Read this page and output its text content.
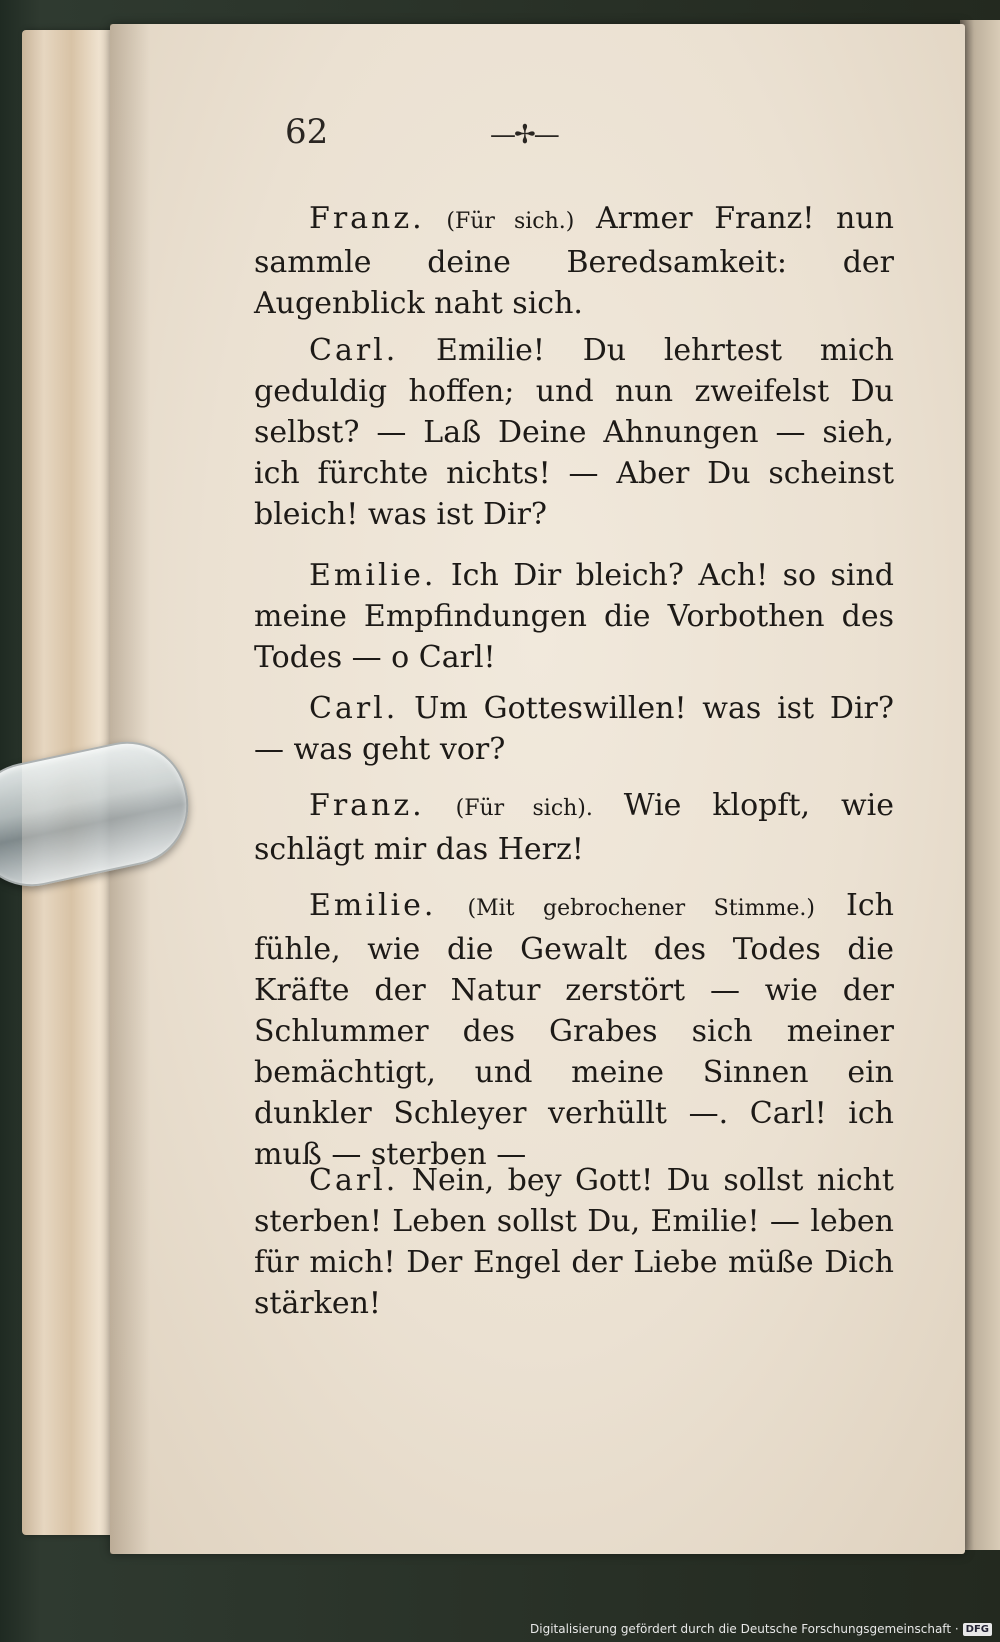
62	—✢—
Franz. (Für sich.) Armer Franz! nun sammle deine Beredsamkeit: der Augenblick naht sich.
Carl. Emilie! Du lehrtest mich geduldig hoffen; und nun zweifelst Du selbst? — Laß Deine Ahnungen — sieh, ich fürchte nichts! — Aber Du scheinst bleich! was ist Dir?
Emilie. Ich Dir bleich? Ach! so sind meine Empfindungen die Vorbothen des Todes — o Carl!
Carl. Um Gotteswillen! was ist Dir? — was geht vor?
Franz. (Für sich). Wie klopft, wie schlägt mir das Herz!
Emilie. (Mit gebrochener Stimme.) Ich fühle, wie die Gewalt des Todes die Kräfte der Natur zerstört — wie der Schlummer des Grabes sich meiner bemächtigt, und meine Sinnen ein dunkler Schleyer verhüllt —. Carl! ich muß — sterben —
Carl. Nein, bey Gott! Du sollst nicht sterben! Leben sollst Du, Emilie! — leben für mich! Der Engel der Liebe müße Dich stärken!
Digitalisierung gefördert durch die Deutsche Forschungsgemeinschaft · DFG
